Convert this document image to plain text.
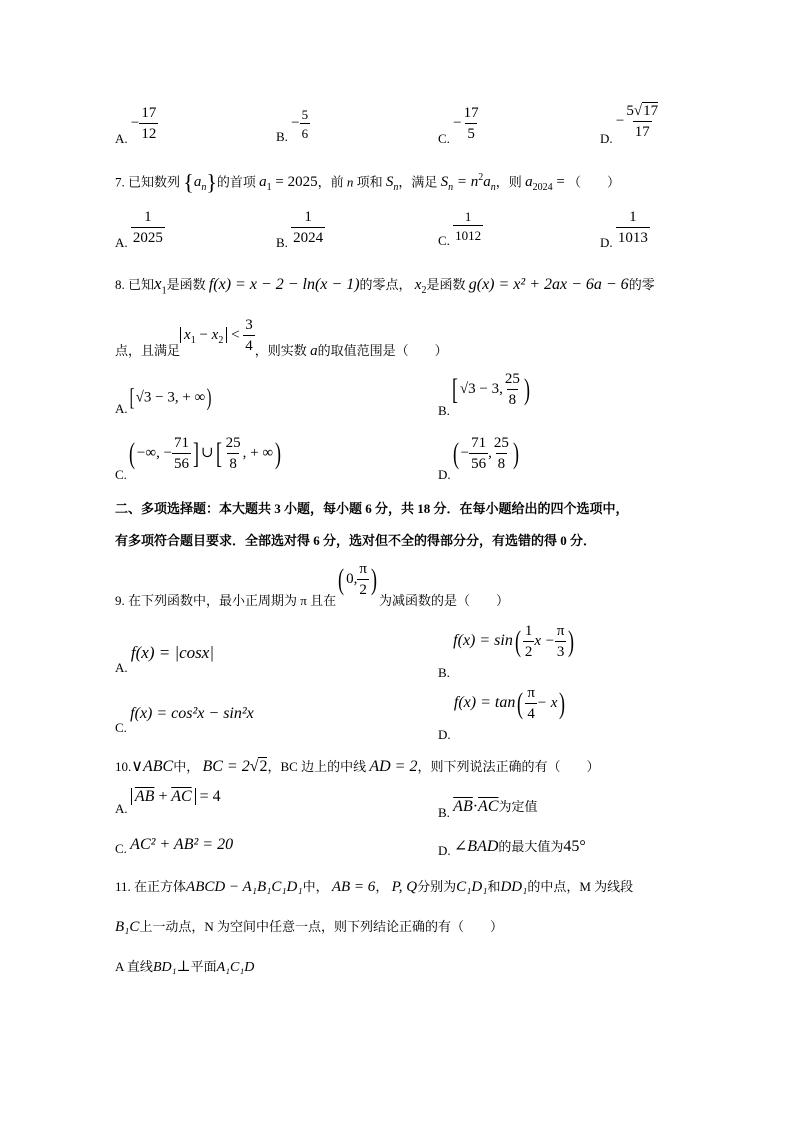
A. − $\frac{17}{12}$	B. − $\frac{5}{6}$	C. − $\frac{17}{5}$	D. − $\frac{5√17}{17}$
7. 已知数列 $\{a_n\}$的首项 $a_1 = 2025$，前 n 项和 $S_n$，满足 $S_n = n^2a_n$，则 $a_{2024}$ = （　　）
A. $\frac{1}{2025}$	B. $\frac{1}{2024}$	C. $\frac{1}{1012}$
D. $\frac{1}{1013}$
8. 已知$x_1$是函数 f(x) = x − 2 − ln(x − 1)的零点， $x_2$是函数 g(x) = x² + 2ax − 6a − 6的零
点，且满足$x_1 - x_2 < \frac{3}{4}$ ，则实数 a的取值范围是（　　）
A.[ √3 − 3, + ∞)	B.[ √3 − 3, $\frac{25}{8}$ )
C.( −∞, − $\frac{71}{56}$ ] ∪[ $\frac{25}{8}$ , + ∞)
$D.( - \frac{71}{56}$ , $\frac{25}{8}$ )
二、多项选择题：本大题共 3 小题，每小题 6 分，共 18 分．在每小题给出的四个选项中，
有多项符合题目要求．全部选对得 6 分，选对但不全的得部分分，有选错的得 0 分．
9. 在下列函数中，最小正周期为 π 且在( 0, $\frac{\pi}{2}$ )为减函数的是（　　）
A. f(x) = |cosx|
B. $f(x) = \sin( \frac{1}{2}$ $x - \frac{\pi}{3}$ )
C. f(x) = cos²x − sin²x
D. $f(x) = \tan( \frac{\pi}{4} - x)$
10.∨ABC中， BC = 2√2，BC 边上的中线 AD = 2，则下列说法正确的有（　　）
A. $\overline{AB} + \overline{AC} = 4$
B. $\overline{AB}\cdot\overline{AC}$为定值
C. AC² + AB² = 20	D. ∠BAD的最大值为45°
11. 在正方体ABCD − A₁B₁C₁D₁中， AB = 6， P, Q分别为C₁D₁和DD₁的中点，M 为线段
B₁C上一动点，N 为空间中任意一点，则下列结论正确的有（　　）
A 直线BD₁⊥平面A₁C₁D
